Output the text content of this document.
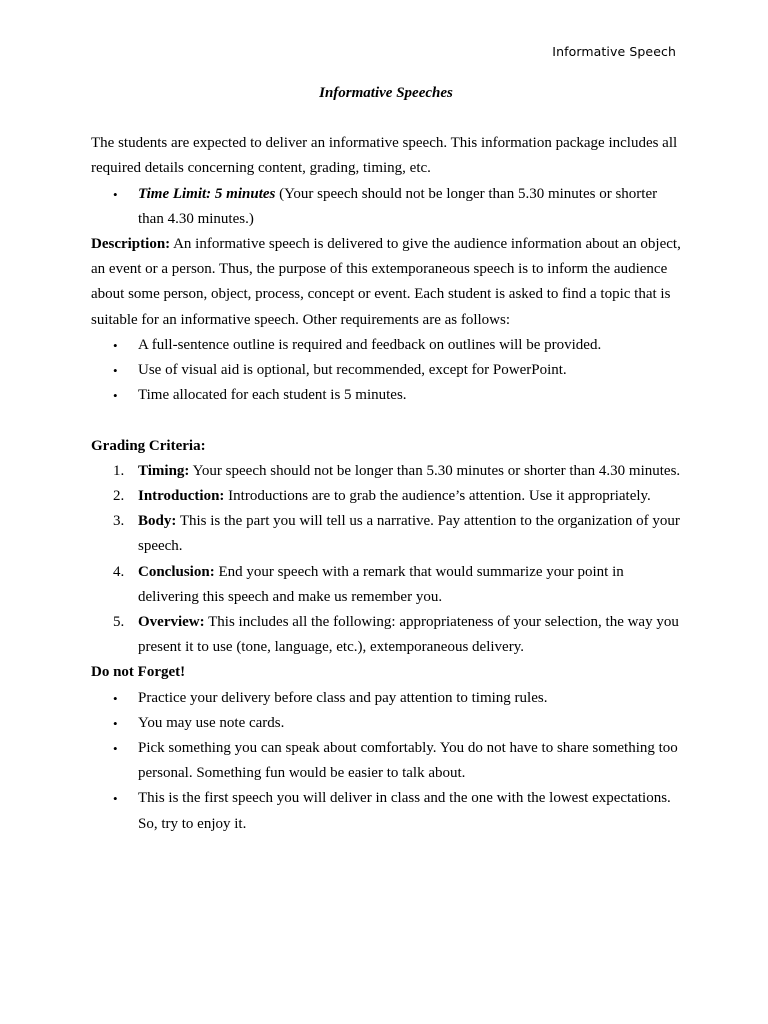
Informative Speech

Informative Speeches

The students are expected to deliver an informative speech. This information package includes all required details concerning content, grading, timing, etc.

• Time Limit: 5 minutes (Your speech should not be longer than 5.30 minutes or shorter than 4.30 minutes.)

Description: An informative speech is delivered to give the audience information about an object, an event or a person. Thus, the purpose of this extemporaneous speech is to inform the audience about some person, object, process, concept or event. Each student is asked to find a topic that is suitable for an informative speech. Other requirements are as follows:

• A full-sentence outline is required and feedback on outlines will be provided.
• Use of visual aid is optional, but recommended, except for PowerPoint.
• Time allocated for each student is 5 minutes.

Grading Criteria:

1. Timing: Your speech should not be longer than 5.30 minutes or shorter than 4.30 minutes.
2. Introduction: Introductions are to grab the audience’s attention. Use it appropriately.
3. Body: This is the part you will tell us a narrative. Pay attention to the organization of your speech.
4. Conclusion: End your speech with a remark that would summarize your point in delivering this speech and make us remember you.
5. Overview: This includes all the following: appropriateness of your selection, the way you present it to use (tone, language, etc.), extemporaneous delivery.

Do not Forget!

• Practice your delivery before class and pay attention to timing rules.
• You may use note cards.
• Pick something you can speak about comfortably. You do not have to share something too personal. Something fun would be easier to talk about.
• This is the first speech you will deliver in class and the one with the lowest expectations. So, try to enjoy it.
